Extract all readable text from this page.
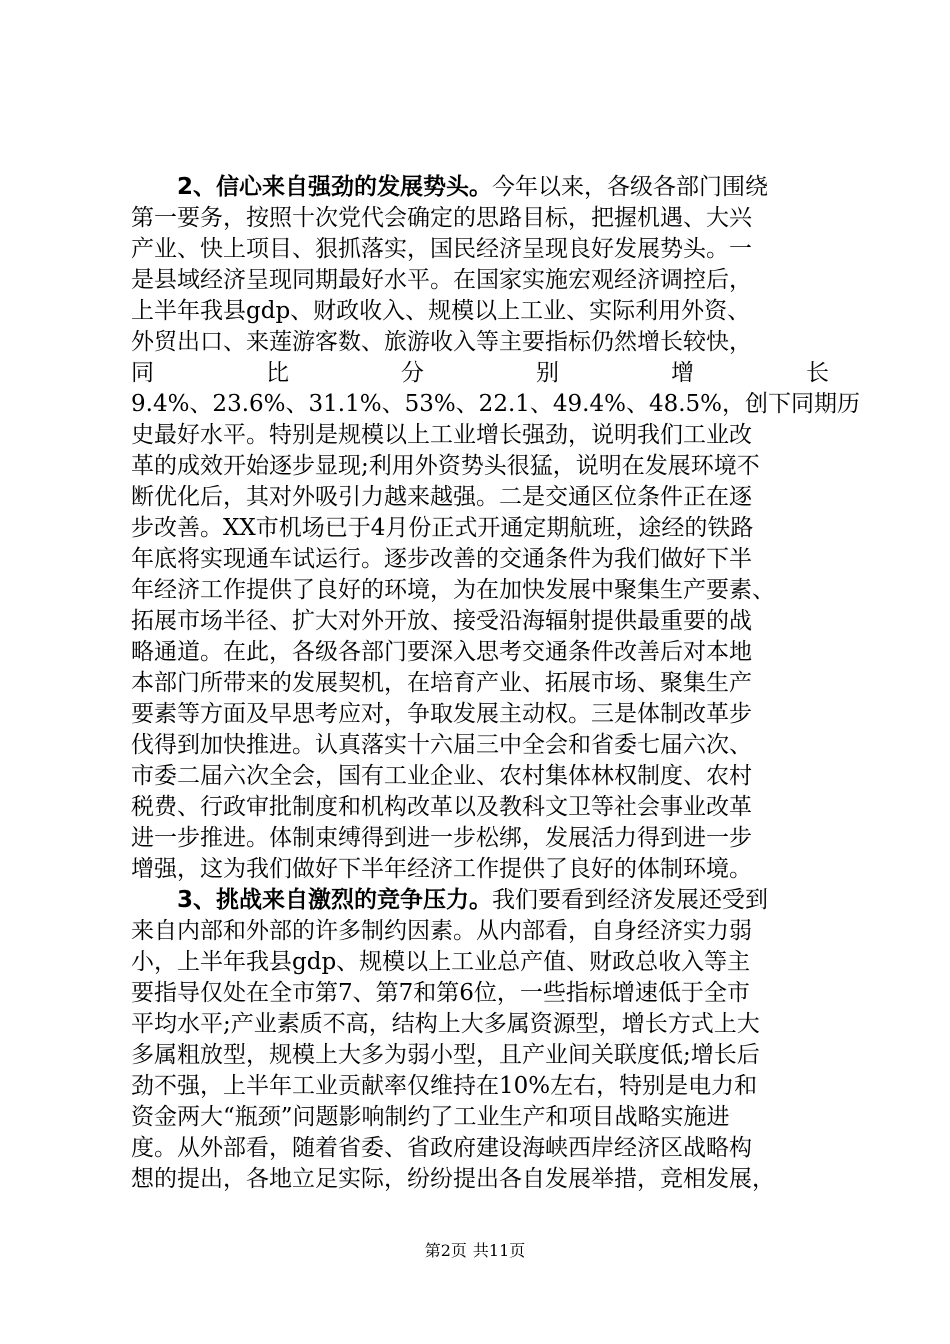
2、信心来自强劲的发展势头。今年以来，各级各部门围绕
第一要务，按照十次党代会确定的思路目标，把握机遇、大兴
产业、快上项目、狠抓落实，国民经济呈现良好发展势头。一
是县域经济呈现同期最好水平。在国家实施宏观经济调控后，
上半年我县gdp、财政收入、规模以上工业、实际利用外资、
外贸出口、来莲游客数、旅游收入等主要指标仍然增长较快，
同	比	分	别	增	长
9.4%、23.6%、31.1%、53%、22.1、49.4%、48.5%，创下同期历
史最好水平。特别是规模以上工业增长强劲，说明我们工业改
革的成效开始逐步显现;利用外资势头很猛，说明在发展环境不
断优化后，其对外吸引力越来越强。二是交通区位条件正在逐
步改善。XX市机场已于4月份正式开通定期航班，途经的铁路
年底将实现通车试运行。逐步改善的交通条件为我们做好下半
年经济工作提供了良好的环境，为在加快发展中聚集生产要素、
拓展市场半径、扩大对外开放、接受沿海辐射提供最重要的战
略通道。在此，各级各部门要深入思考交通条件改善后对本地
本部门所带来的发展契机，在培育产业、拓展市场、聚集生产
要素等方面及早思考应对，争取发展主动权。三是体制改革步
伐得到加快推进。认真落实十六届三中全会和省委七届六次、
市委二届六次全会，国有工业企业、农村集体林权制度、农村
税费、行政审批制度和机构改革以及教科文卫等社会事业改革
进一步推进。体制束缚得到进一步松绑，发展活力得到进一步
增强，这为我们做好下半年经济工作提供了良好的体制环境。
3、挑战来自激烈的竞争压力。我们要看到经济发展还受到
来自内部和外部的许多制约因素。从内部看，自身经济实力弱
小，上半年我县gdp、规模以上工业总产值、财政总收入等主
要指导仅处在全市第7、第7和第6位，一些指标增速低于全市
平均水平;产业素质不高，结构上大多属资源型，增长方式上大
多属粗放型，规模上大多为弱小型，且产业间关联度低;增长后
劲不强，上半年工业贡献率仅维持在10%左右，特别是电力和
资金两大“瓶颈”问题影响制约了工业生产和项目战略实施进
度。从外部看，随着省委、省政府建设海峡西岸经济区战略构
想的提出，各地立足实际，纷纷提出各自发展举措，竞相发展，
第2页 共11页
